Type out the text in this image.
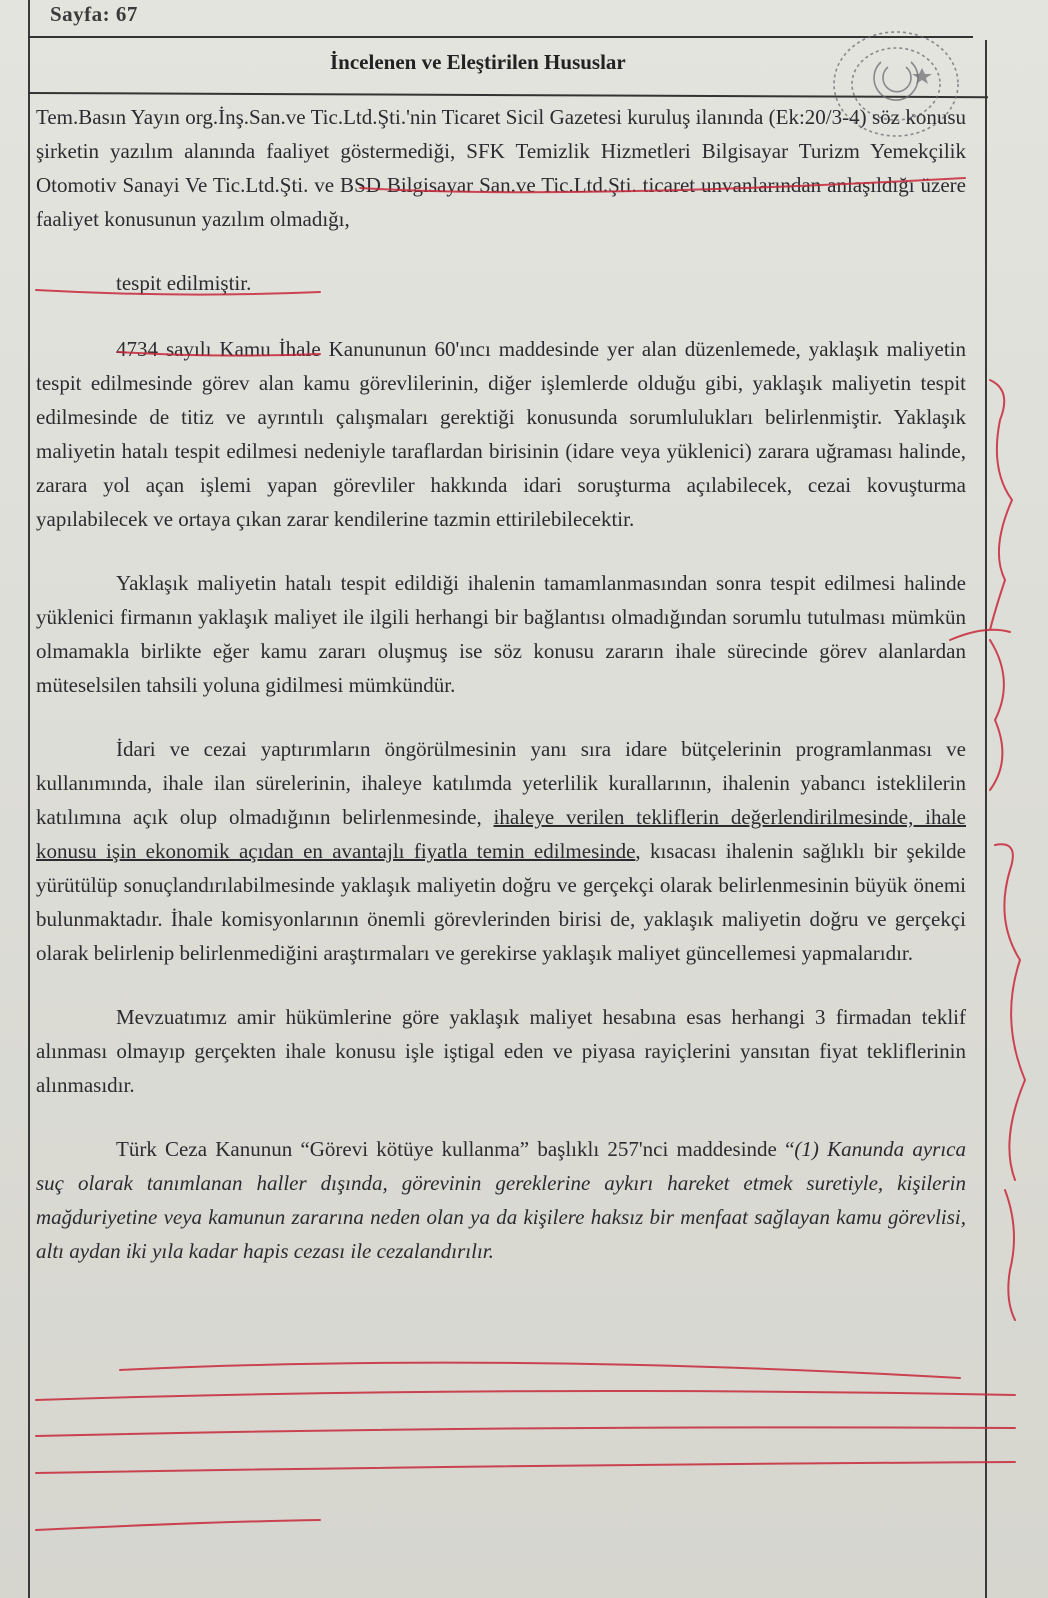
Sayfa: 67
İncelenen ve Eleştirilen Hususlar

Tem.Basın Yayın org.İnş.San.ve Tic.Ltd.Şti.'nin Ticaret Sicil Gazetesi kuruluş ilanında (Ek:20/3-4) söz konusu şirketin yazılım alanında faaliyet göstermediği, SFK Temizlik Hizmetleri Bilgisayar Turizm Yemekçilik Otomotiv Sanayi Ve Tic.Ltd.Şti. ve BSD Bilgisayar San.ve Tic.Ltd.Şti. ticaret unvanlarından anlaşıldığı üzere faaliyet konusunun yazılım olmadığı,

tespit edilmiştir.

4734 sayılı Kamu İhale Kanununun 60'ıncı maddesinde yer alan düzenlemede, yaklaşık maliyetin tespit edilmesinde görev alan kamu görevlilerinin, diğer işlemlerde olduğu gibi, yaklaşık maliyetin tespit edilmesinde de titiz ve ayrıntılı çalışmaları gerektiği konusunda sorumlulukları belirlenmiştir. Yaklaşık maliyetin hatalı tespit edilmesi nedeniyle taraflardan birisinin (idare veya yüklenici) zarara uğraması halinde, zarara yol açan işlemi yapan görevliler hakkında idari soruşturma açılabilecek, cezai kovuşturma yapılabilecek ve ortaya çıkan zarar kendilerine tazmin ettirilebilecektir.

Yaklaşık maliyetin hatalı tespit edildiği ihalenin tamamlanmasından sonra tespit edilmesi halinde yüklenici firmanın yaklaşık maliyet ile ilgili herhangi bir bağlantısı olmadığından sorumlu tutulması mümkün olmamakla birlikte eğer kamu zararı oluşmuş ise söz konusu zararın ihale sürecinde görev alanlardan müteselsilen tahsili yoluna gidilmesi mümkündür.

İdari ve cezai yaptırımların öngörülmesinin yanı sıra idare bütçelerinin programlanması ve kullanımında, ihale ilan sürelerinin, ihaleye katılımda yeterlilik kurallarının, ihalenin yabancı isteklilerin katılımına açık olup olmadığının belirlenmesinde, ihaleye verilen tekliflerin değerlendirilmesinde, ihale konusu işin ekonomik açıdan en avantajlı fiyatla temin edilmesinde, kısacası ihalenin sağlıklı bir şekilde yürütülüp sonuçlandırılabilmesinde yaklaşık maliyetin doğru ve gerçekçi olarak belirlenmesinin büyük önemi bulunmaktadır. İhale komisyonlarının önemli görevlerinden birisi de, yaklaşık maliyetin doğru ve gerçekçi olarak belirlenip belirlenmediğini araştırmaları ve gerekirse yaklaşık maliyet güncellemesi yapmalarıdır.

Mevzuatımız amir hükümlerine göre yaklaşık maliyet hesabına esas herhangi 3 firmadan teklif alınması olmayıp gerçekten ihale konusu işle iştigal eden ve piyasa rayiçlerini yansıtan fiyat tekliflerinin alınmasıdır.

Türk Ceza Kanunun “Görevi kötüye kullanma” başlıklı 257'nci maddesinde “(1) Kanunda ayrıca suç olarak tanımlanan haller dışında, görevinin gereklerine aykırı hareket etmek suretiyle, kişilerin mağduriyetine veya kamunun zararına neden olan ya da kişilere haksız bir menfaat sağlayan kamu görevlisi, altı aydan iki yıla kadar hapis cezası ile cezalandırılır.
